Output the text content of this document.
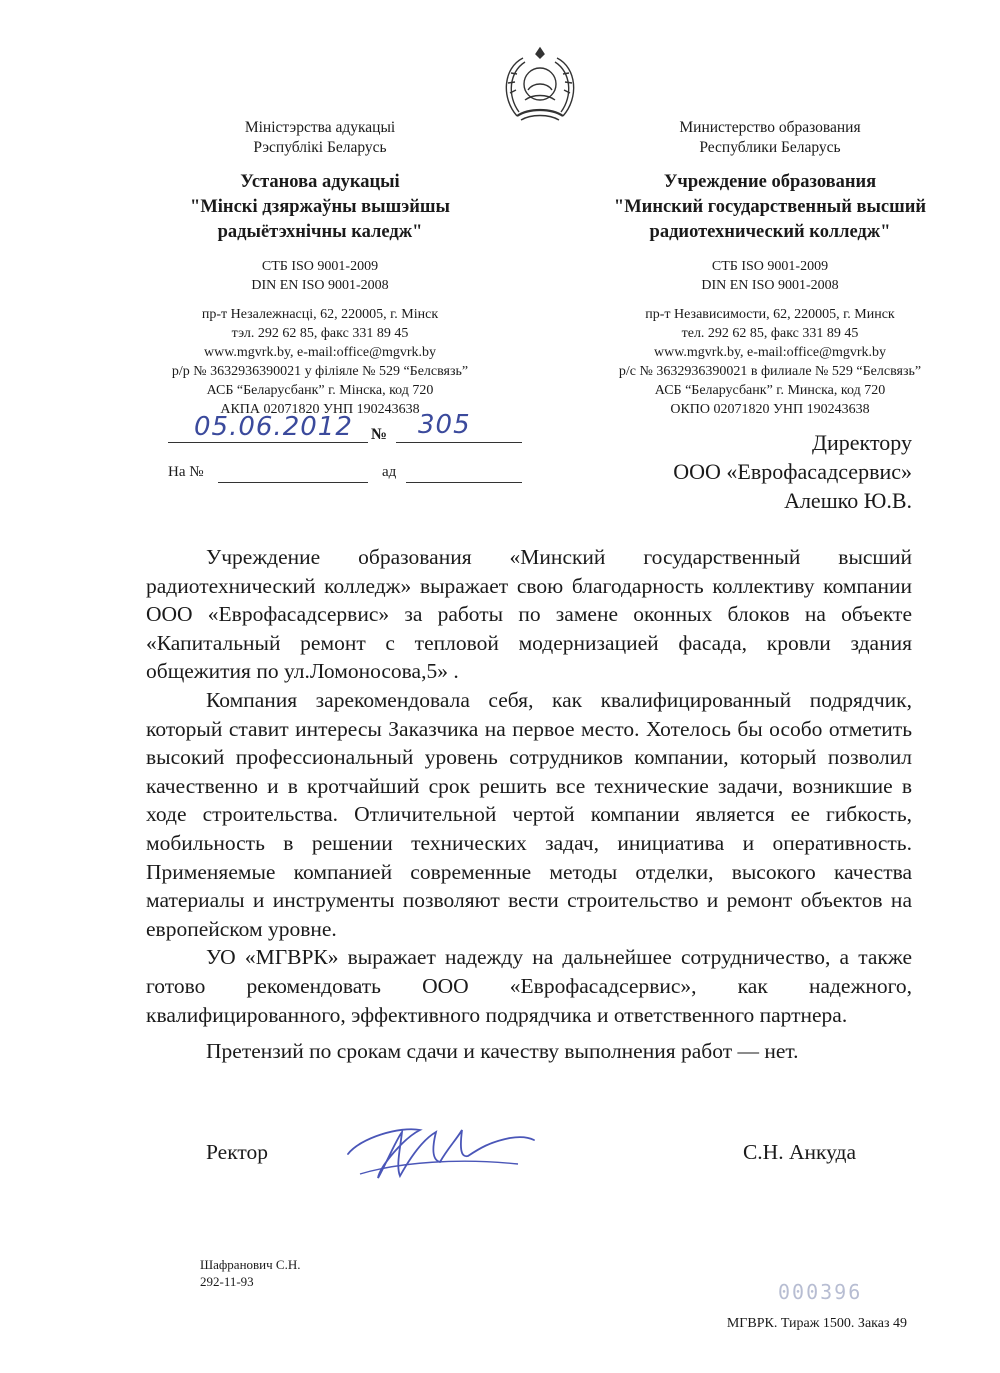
Міністэрства адукацыі
Рэспублікі Беларусь
Установа адукацыі
"Мінскі дзяржаўны вышэйшы
радыётэхнічны каледж"
СТБ ISO 9001-2009
DIN EN ISO 9001-2008
пр-т Незалежнасці, 62, 220005, г. Мінск
тэл. 292 62 85, факс 331 89 45
www.mgvrk.by, e-mail:office@mgvrk.by
р/р № 3632936390021 у філіяле № 529 “Белсвязь”
АСБ “Беларусбанк” г. Мінска, код 720
АКПА 02071820 УНП 190243638
Министерство образования
Республики Беларусь
Учреждение образования
"Минский государственный высший
радиотехнический колледж"
СТБ ISO 9001-2009
DIN EN ISO 9001-2008
пр-т Независимости, 62, 220005, г. Минск
тел. 292 62 85, факс 331 89 45
www.mgvrk.by, e-mail:office@mgvrk.by
р/с № 3632936390021 в филиале № 529 “Белсвязь”
АСБ “Беларусбанк” г. Минска, код 720
ОКПО 02071820 УНП 190243638
05.06.2012 № 305
На №	ад
Директору
ООО «Еврофасадсервис»
Алешко Ю.В.

Учреждение образования «Минский государственный высший радиотехнический колледж» выражает свою благодарность коллективу компании ООО «Еврофасадсервис» за работы по замене оконных блоков на объекте «Капитальный ремонт с тепловой модернизацией фасада, кровли здания общежития по ул.Ломоносова,5» .

Компания зарекомендовала себя, как квалифицированный подрядчик, который ставит интересы Заказчика на первое место. Хотелось бы особо отметить высокий профессиональный уровень сотрудников компании, который позволил качественно и в кротчайший срок решить все технические задачи, возникшие в ходе строительства. Отличительной чертой компании является ее гибкость, мобильность в решении технических задач, инициатива и оперативность. Применяемые компанией современные методы отделки, высокого качества материалы и инструменты позволяют вести строительство и ремонт объектов на европейском уровне.

УО «МГВРК» выражает надежду на дальнейшее сотрудничество, а также готово рекомендовать ООО «Еврофасадсервис», как надежного, квалифицированного, эффективного подрядчика и ответственного партнера.

Претензий по срокам сдачи и качеству выполнения работ — нет.

Ректор	С.Н. Анкуда
Шафранович С.Н.
292-11-93	000396
МГВРК. Тираж 1500. Заказ 49
